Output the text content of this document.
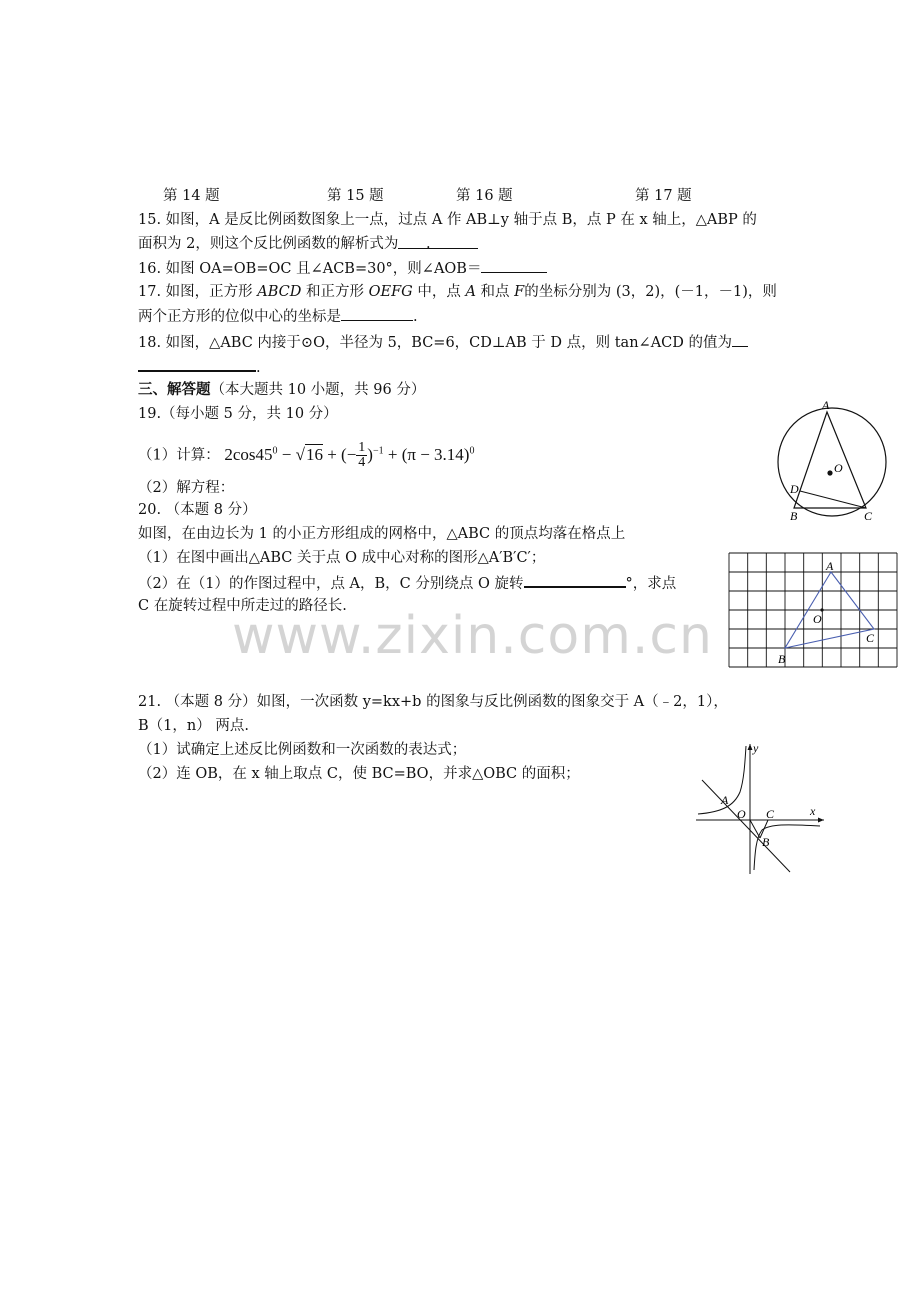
第 14 题	第 15 题	第 16 题	第 17 题
15. 如图，A 是反比例函数图象上一点，过点 A 作 AB⊥y 轴于点 B，点 P 在 x 轴上，△ABP 的
面积为 2，则这个反比例函数的解析式为      .
16. 如图 OA=OB=OC 且∠ACB=30°，则∠AOB＝
17. 如图，正方形 ABCD 和正方形 OEFG 中，点 A 和点 F的坐标分别为 (3，2)，(－1，－1)，则
两个正方形的位似中心的坐标是	.
18. 如图，△ABC 内接于⊙O，半径为 5，BC=6，CD⊥AB 于 D 点，则 tan∠ACD 的值为
.
三、解答题（本大题共 10 小题，共 96 分）
19.（每小题 5 分，共 10 分）
（1）计算： $2\cos 45^0 - √16$ + (− $\frac{1}{4} )^{-1} + (\pi - 3.14)^0$
（2）解方程：
20. （本题 8 分）
如图，在由边长为 1 的小正方形组成的网格中，△ABC 的顶点均落在格点上
（1）在图中画出△ABC 关于点 O 成中心对称的图形△A′B′C′；
（2）在（1）的作图过程中，点 A，B，C 分别绕点 O 旋转	°，求点
C 在旋转过程中所走过的路径长.
21. （本题 8 分）如图，一次函数 y=kx+b 的图象与反比例函数的图象交于 A（﹣2，1），
B（1，n） 两点.
（1）试确定上述反比例函数和一次函数的表达式；
（2）连 OB，在 x 轴上取点 C，使 BC=BO，并求△OBC 的面积；
www.zixin.com.cn
A
O
D
B	C
A
O
B
C
y
x
A
O C
B
